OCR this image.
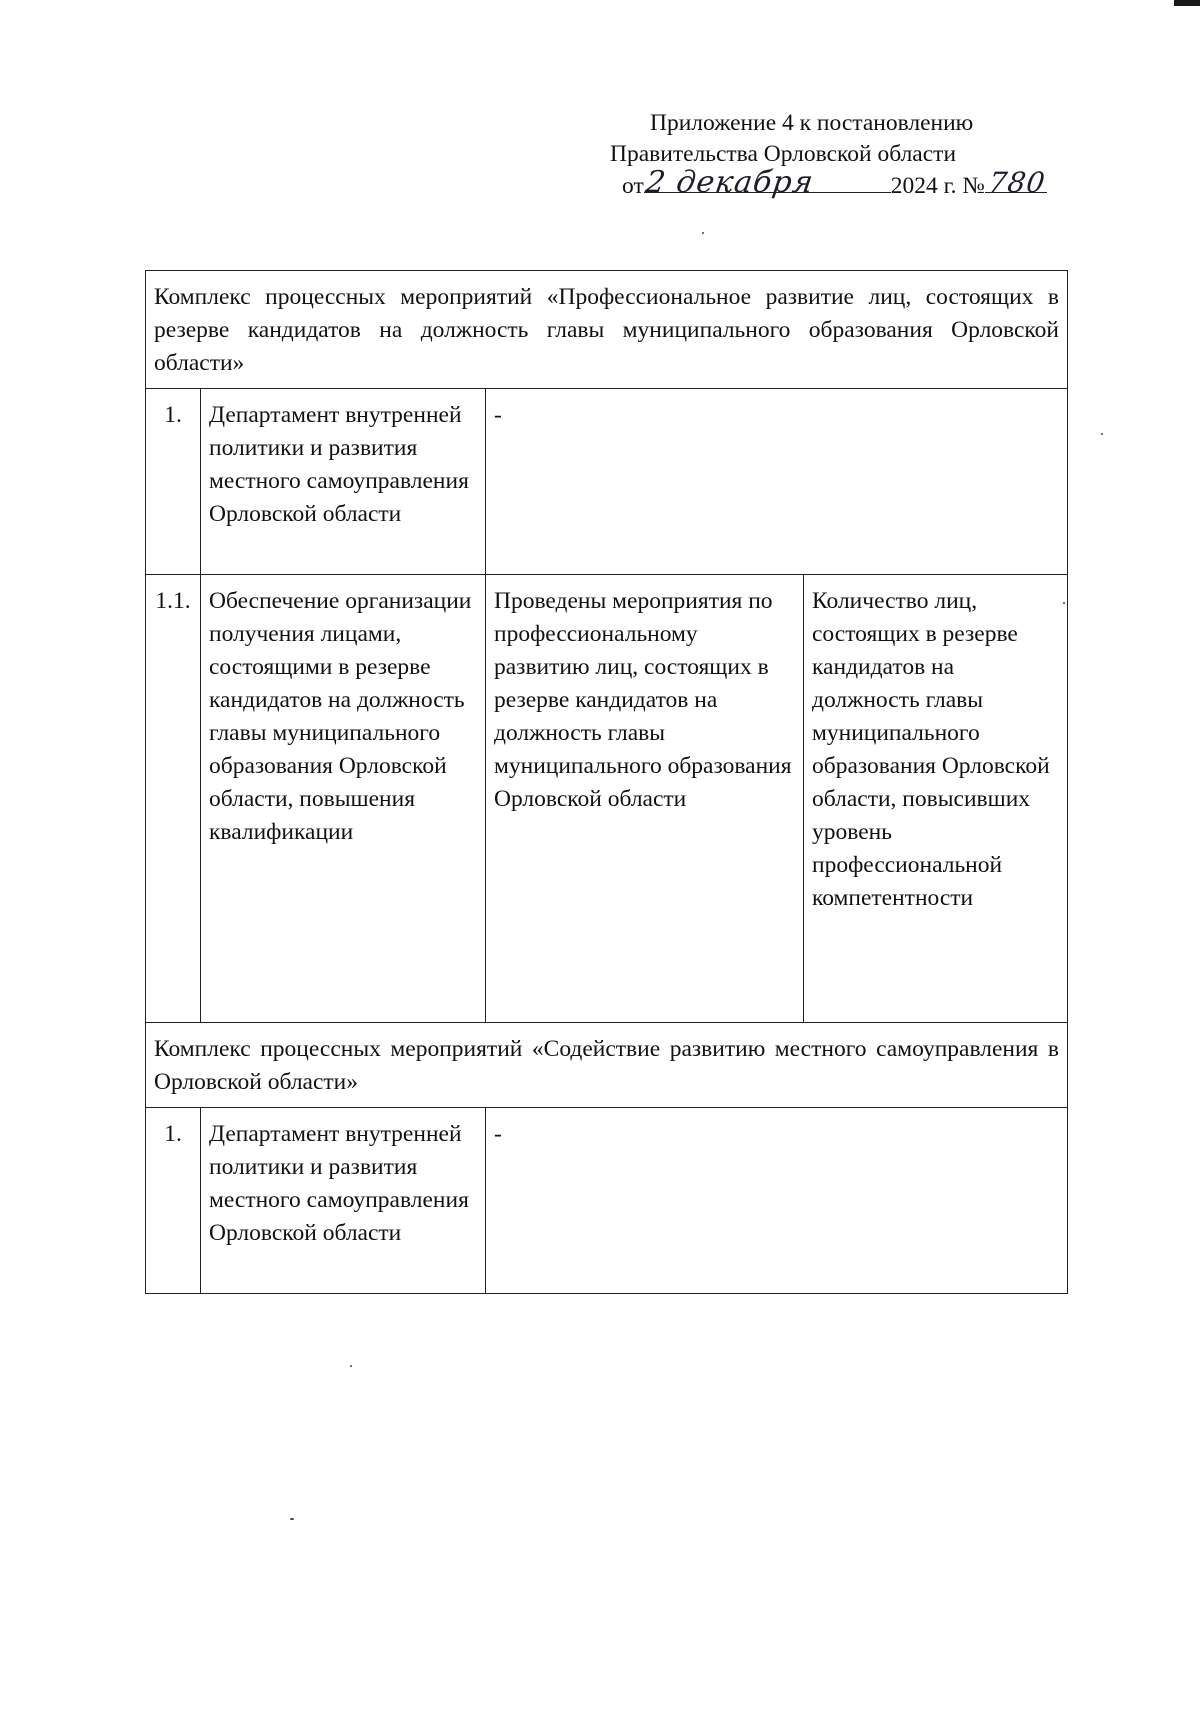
Приложение 4 к постановлению
Правительства Орловской области
от 2 декабря	2024 г. № 780
Комплекс процессных мероприятий «Профессиональное развитие лиц, состоящих в резерве кандидатов на должность главы муниципального образования Орловской области»			
1.	Департамент внутренней политики и развития местного самоуправления Орловской области	-	
1.1.	Обеспечение организации получения лицами, состоящими в резерве кандидатов на должность главы муниципального образования Орловской области, повышения квалификации	Проведены мероприятия по профессиональному развитию лиц, состоящих в резерве кандидатов на должность главы муниципального образования Орловской области	Количество лиц, состоящих в резерве кандидатов на должность главы муниципального образования Орловской области, повысивших уровень профессиональной компетентности
Комплекс процессных мероприятий «Содействие развитию местного самоуправления в Орловской области»			
1.	Департамент внутренней политики и развития местного самоуправления Орловской области	-	
